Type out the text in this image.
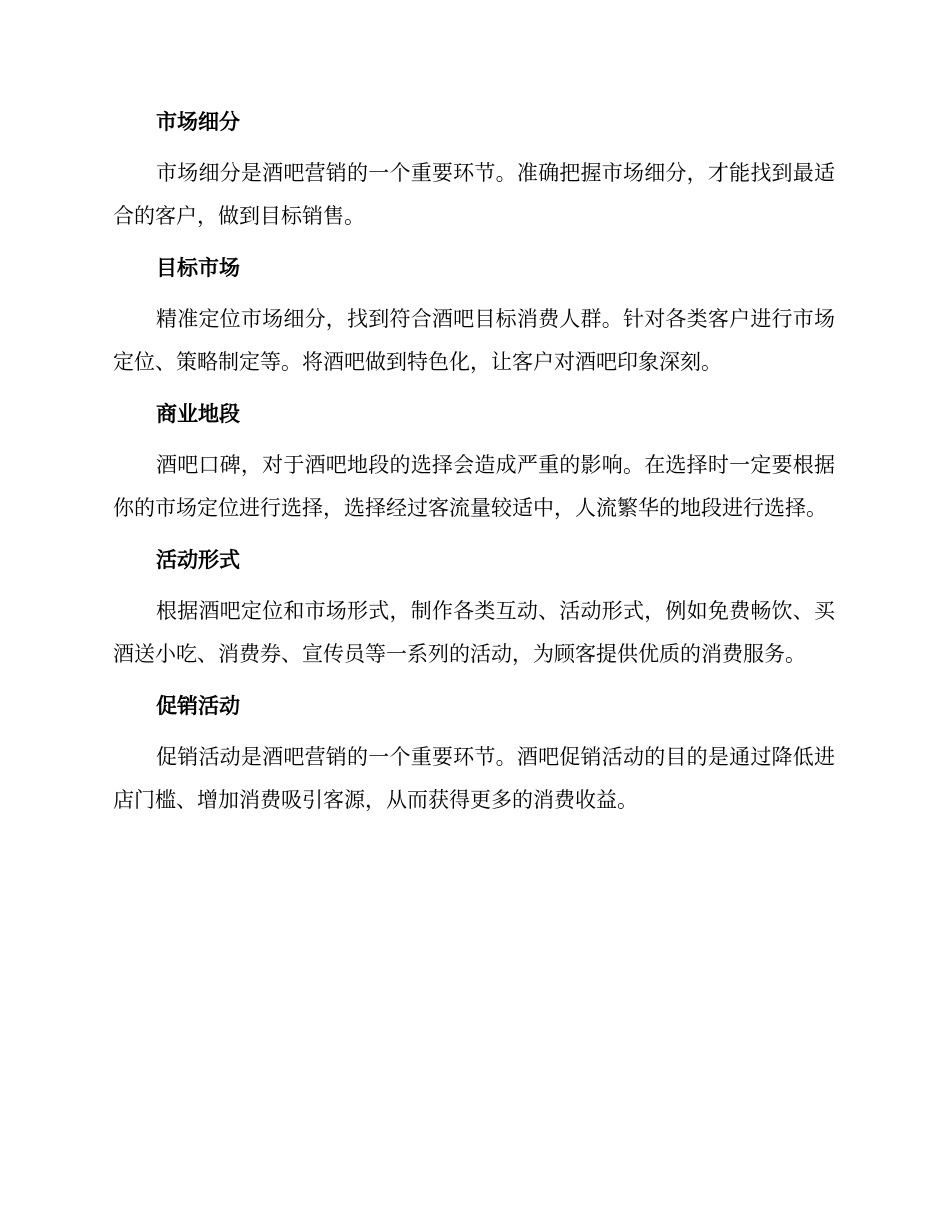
市场细分

市场细分是酒吧营销的一个重要环节。准确把握市场细分，才能找到最适合的客户，做到目标销售。

目标市场

精准定位市场细分，找到符合酒吧目标消费人群。针对各类客户进行市场定位、策略制定等。将酒吧做到特色化，让客户对酒吧印象深刻。

商业地段

酒吧口碑，对于酒吧地段的选择会造成严重的影响。在选择时一定要根据你的市场定位进行选择，选择经过客流量较适中，人流繁华的地段进行选择。

活动形式

根据酒吧定位和市场形式，制作各类互动、活动形式，例如免费畅饮、买酒送小吃、消费券、宣传员等一系列的活动，为顾客提供优质的消费服务。

促销活动

促销活动是酒吧营销的一个重要环节。酒吧促销活动的目的是通过降低进店门槛、增加消费吸引客源，从而获得更多的消费收益。
